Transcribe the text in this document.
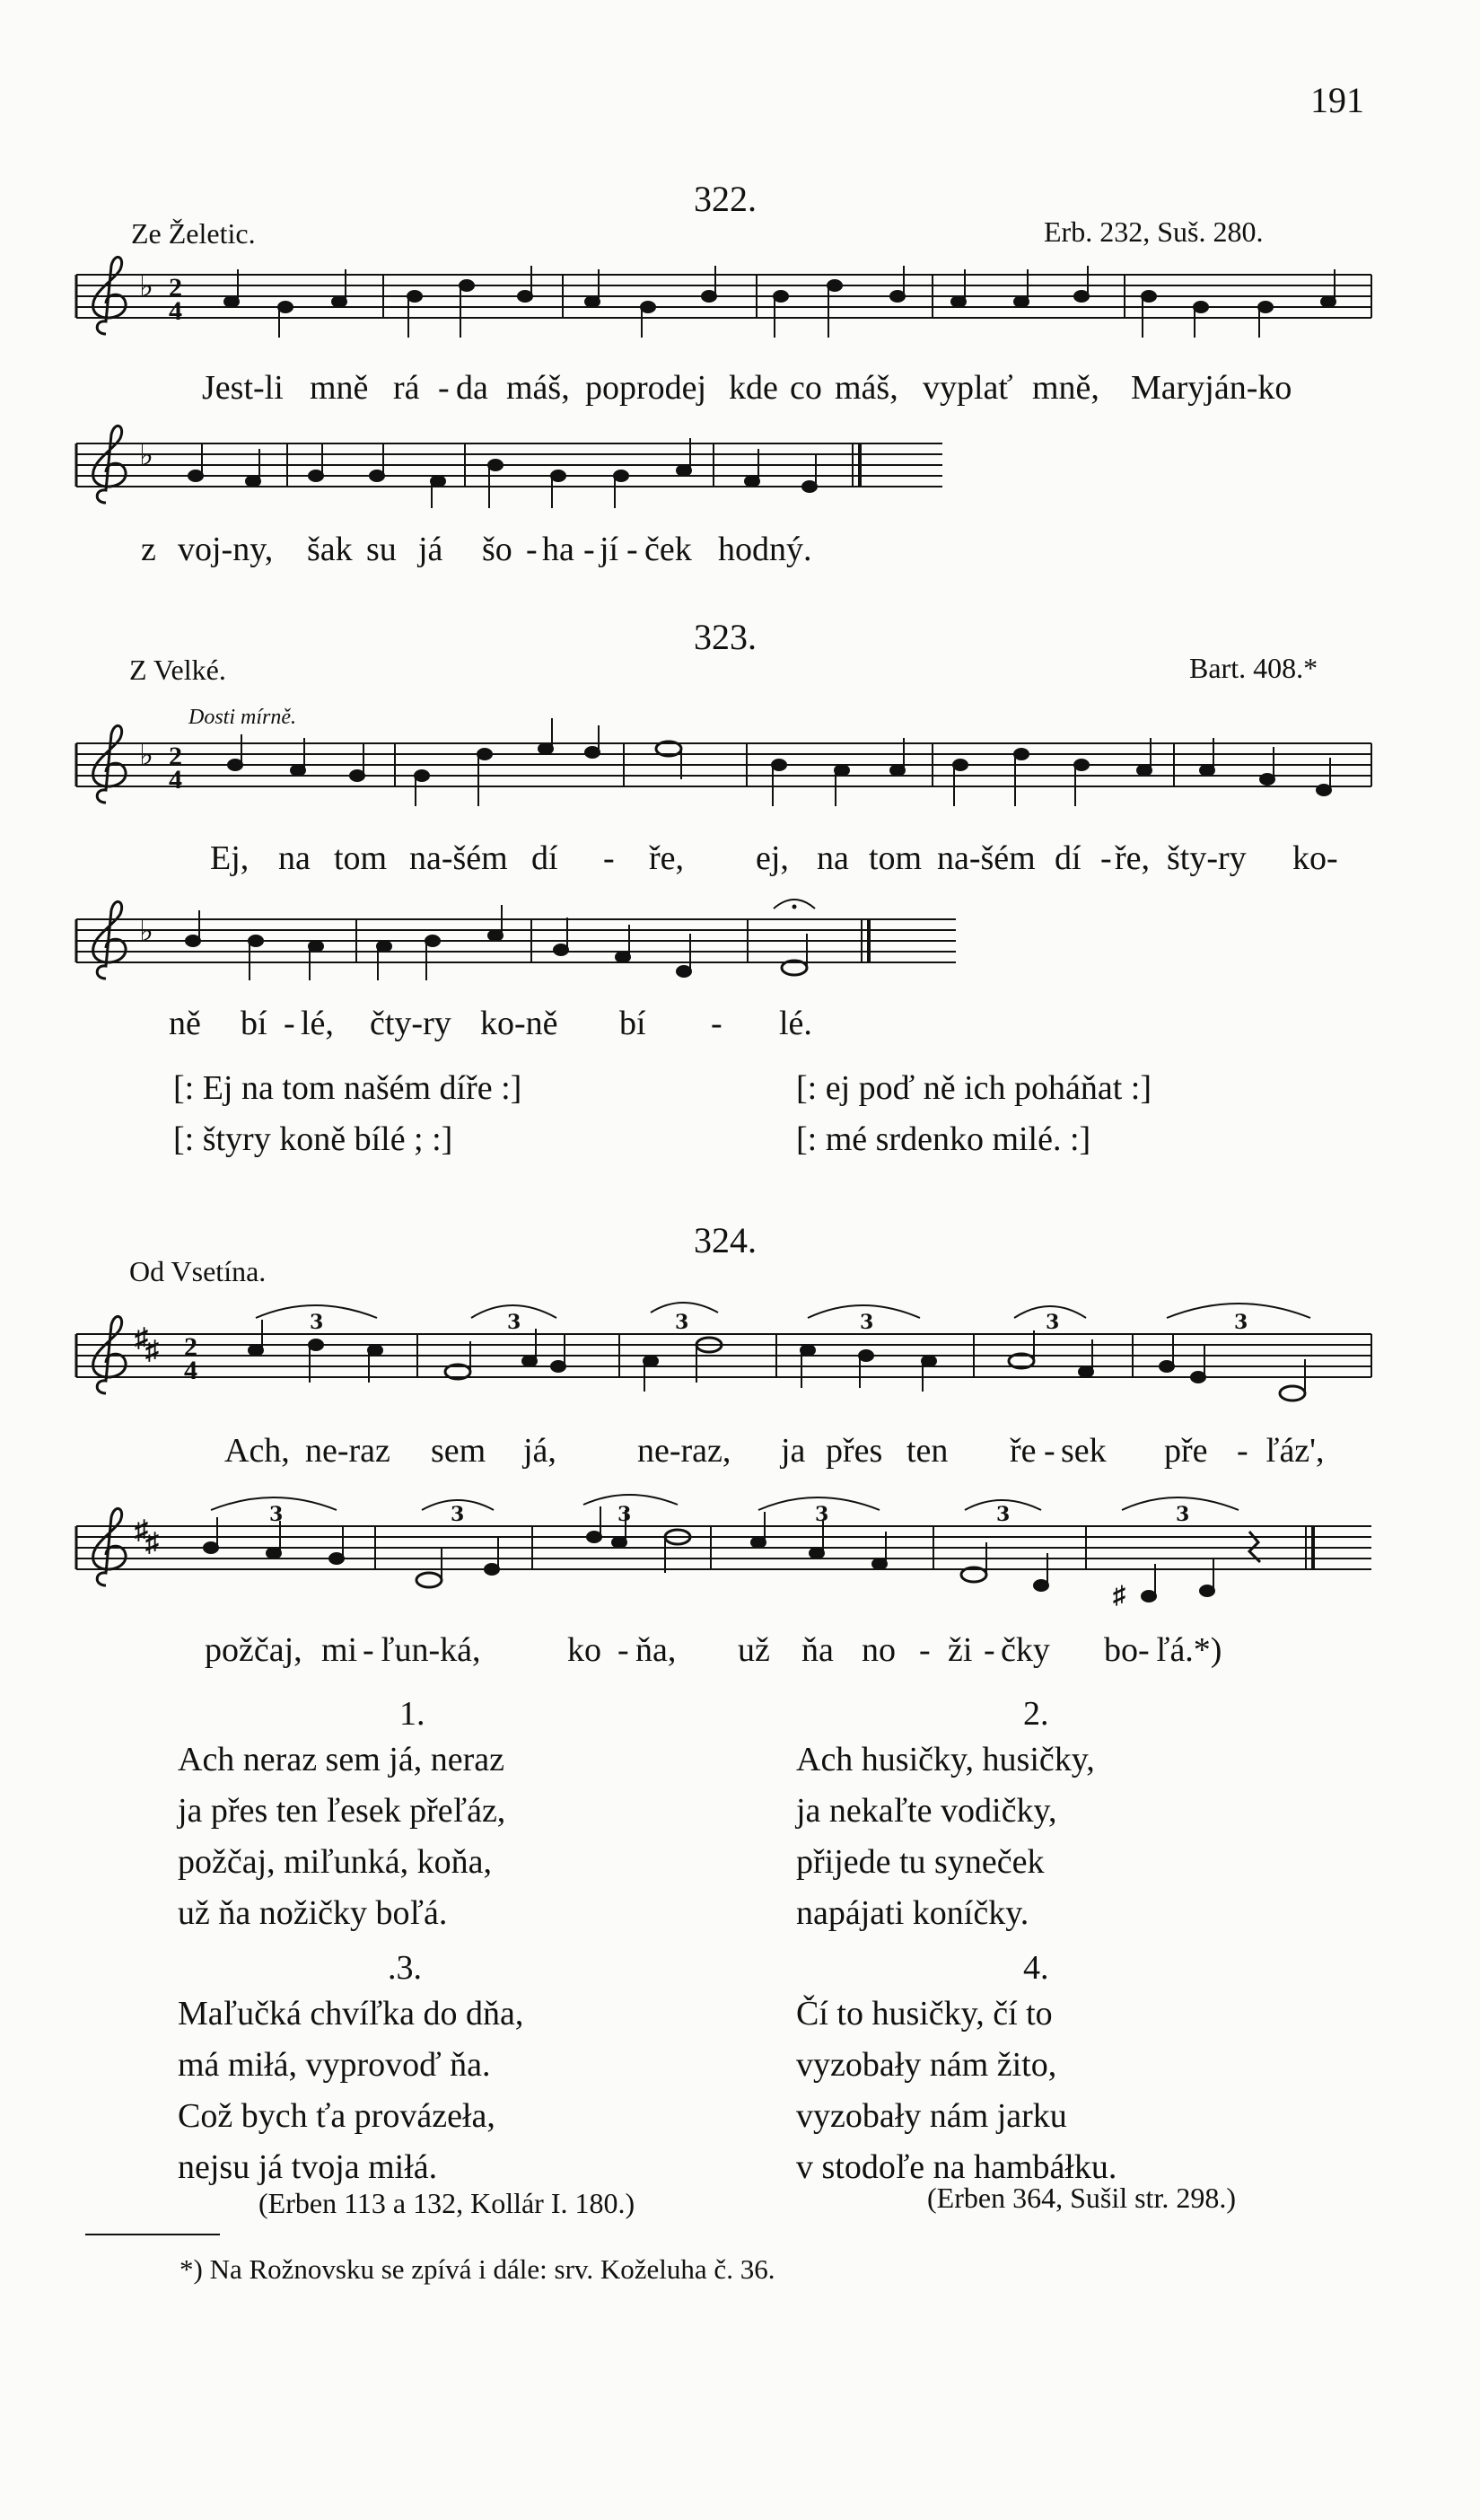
191
322.
Ze Želetic.	Erb. 232, Suš. 280.
♭ 2
4
♭
Jest-li mně rá - da máš, poprodej kde co máš, vyplať mně, Maryján-ko
z voj-ny, šak su já šo - ha - jí - ček hodný.
323.
Z Velké.	Bart. 408.*
Dosti mírně.
♭ 2
4
♭
Ej, na tom na-šém dí - ře, ej, na tom na-šém dí - ře, šty-ry ko-
ně bí - lé, čty-ry ko-ně bí - lé.
[: Ej na tom našém díře :]
[: štyry koně bílé ; :]
[: ej poď ně ich poháňat :]
[: mé srdenko milé. :]
324.
Od Vsetína.
♯
♯ 2
4
3	3	3	3	3	3
♯
♯
3	3	3	3	3	3
♯
Ach, ne-raz sem já, ne-raz, ja přes ten ře - sek pře - ľáz',
požčaj, mi - ľun-ká,	ko - ňa, už ňa no - ži - čky bo- ľá.*)
1.
Ach neraz sem já, neraz
ja přes ten ľesek přeľáz,
požčaj, miľunká, koňa,
už ňa nožičky boľá.
2.
Ach husičky, husičky,
ja nekaľte vodičky,
přijede tu syneček
napájati koníčky.
.3.
Maľučká chvíľka do dňa,
má miłá, vyprovoď ňa.
Což bych ťa provázeła,
nejsu já tvoja miłá.
4.
Čí to husičky, čí to
vyzobały nám žito,
vyzobały nám jarku
v stodoľe na hambáłku.
(Erben 113 a 132, Kollár I. 180.)	(Erben 364, Sušil str. 298.)
*) Na Rožnovsku se zpívá i dále: srv. Koželuha č. 36.
